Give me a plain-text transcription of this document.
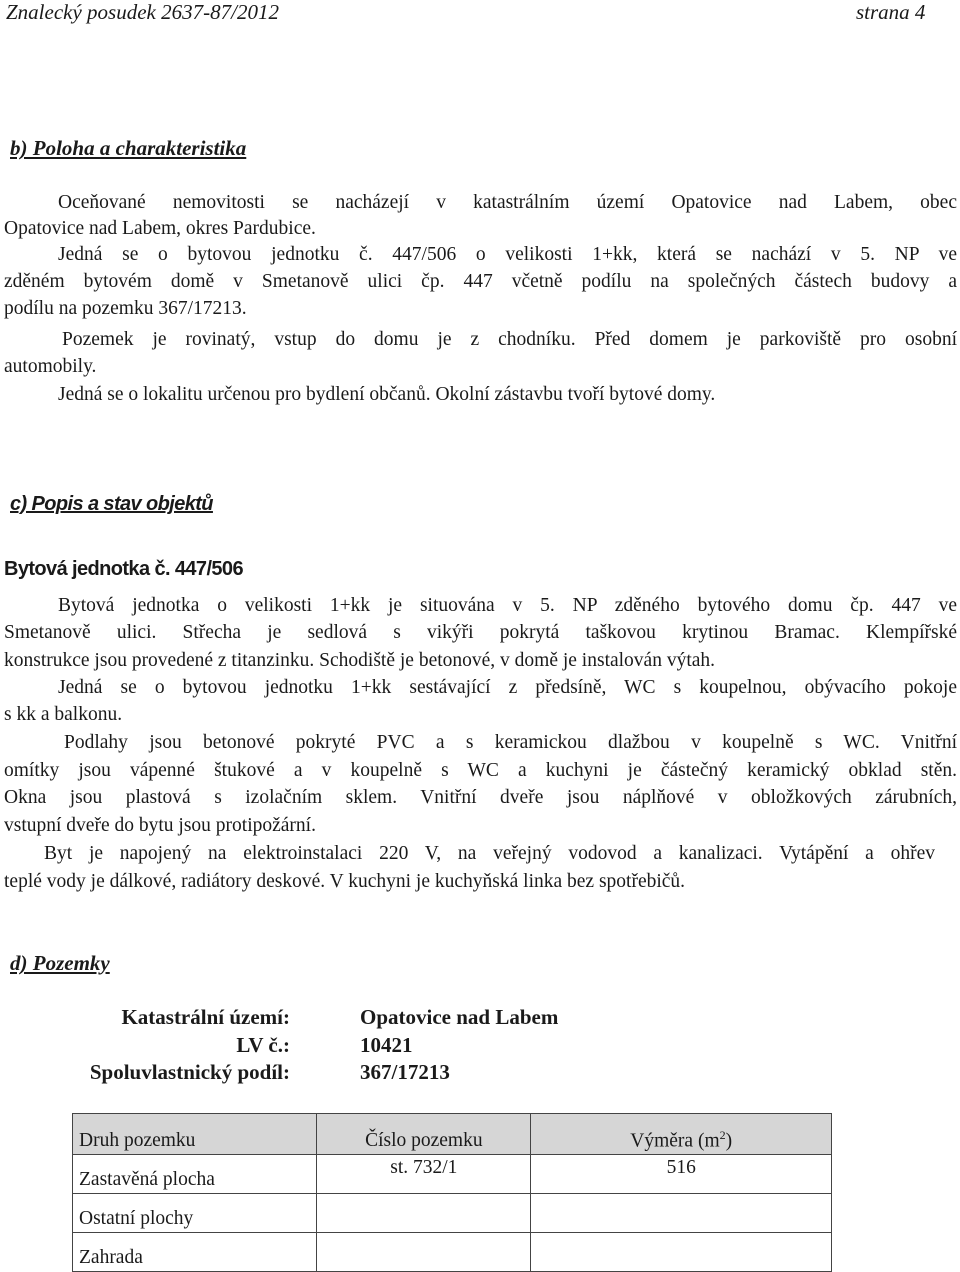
Znalecký posudek 2637-87/2012	strana 4
b) Poloha a charakteristika
Oceňované nemovitosti se nacházejí v katastrálním území Opatovice nad Labem, obec
Opatovice nad Labem, okres Pardubice.
Jedná se o bytovou jednotku č. 447/506 o velikosti 1+kk, která se nachází v 5. NP ve
zděném bytovém domě v Smetanově ulici čp. 447 včetně podílu na společných částech budovy a
podílu na pozemku 367/17213.
Pozemek je rovinatý, vstup do domu je z chodníku. Před domem je parkoviště pro osobní
automobily.
Jedná se o lokalitu určenou pro bydlení občanů. Okolní zástavbu tvoří bytové domy.
c) Popis a stav objektů
Bytová jednotka č. 447/506
Bytová jednotka o velikosti 1+kk je situována v 5. NP zděného bytového domu čp. 447 ve
Smetanově ulici. Střecha je sedlová s vikýři pokrytá taškovou krytinou Bramac. Klempířské
konstrukce jsou provedené z titanzinku. Schodiště je betonové, v domě je instalován výtah.
Jedná se o bytovou jednotku 1+kk sestávající z předsíně, WC s koupelnou, obývacího pokoje
s kk a balkonu.
Podlahy jsou betonové pokryté PVC a s keramickou dlažbou v koupelně s WC. Vnitřní
omítky jsou vápenné štukové a v koupelně s WC a kuchyni je částečný keramický obklad stěn.
Okna jsou plastová s izolačním sklem. Vnitřní dveře jsou náplňové v obložkových zárubních,
vstupní dveře do bytu jsou protipožární.
Byt je napojený na elektroinstalaci 220 V, na veřejný vodovod a kanalizaci. Vytápění a ohřev
teplé vody je dálkové, radiátory deskové. V kuchyni je kuchyňská linka bez spotřebičů.
d) Pozemky
Katastrální území:	Opatovice nad Labem
LV č.:	10421
Spoluvlastnický podíl:	367/17213
Druh pozemku	Číslo pozemku	Výměra $(m^2)$
Zastavěná plocha	st. 732/1	516
Ostatní plochy		
Zahrada		
